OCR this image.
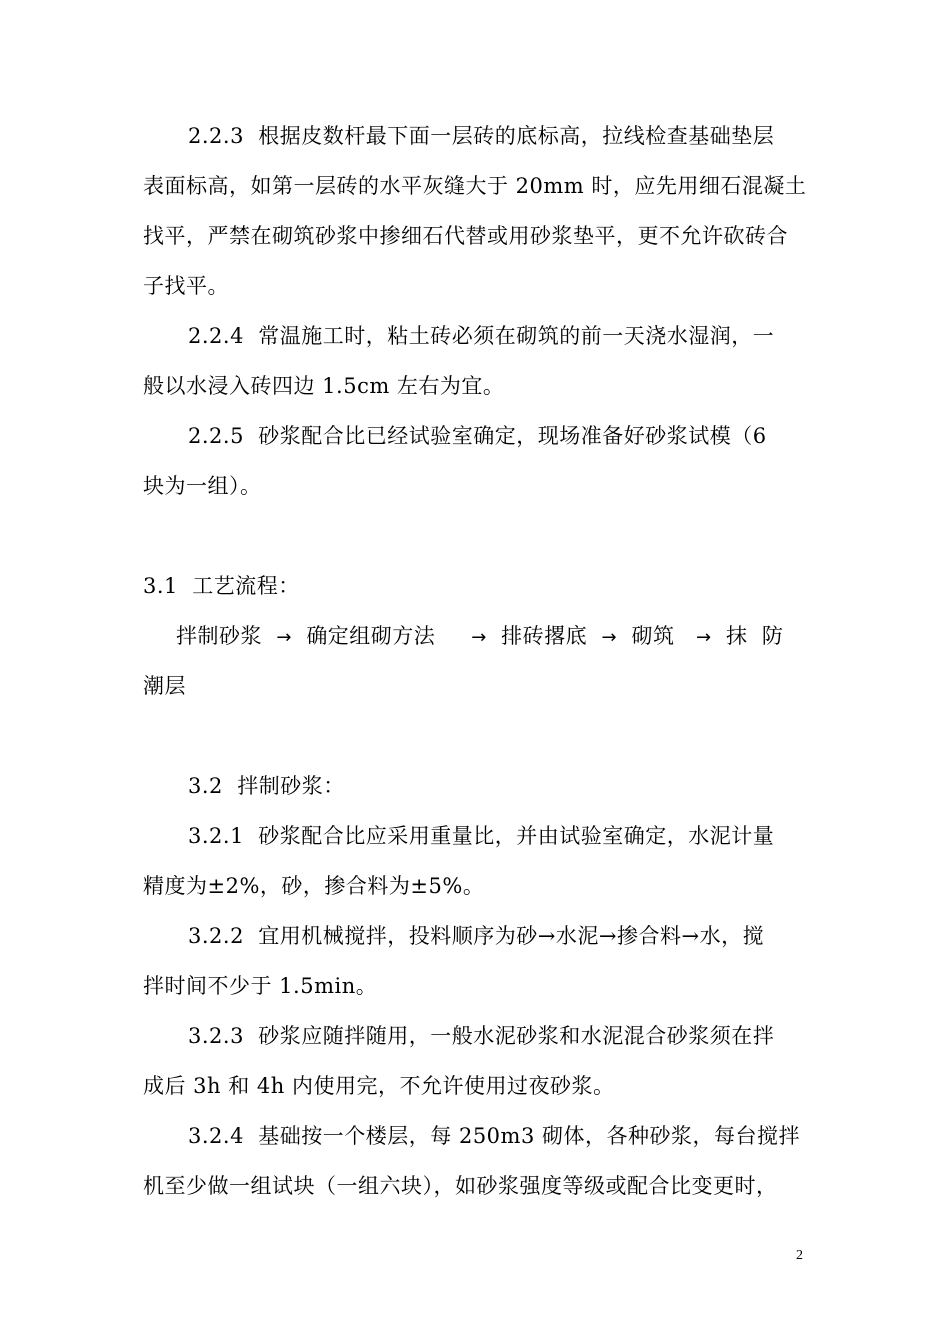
2.2.3  根据皮数杆最下面一层砖的底标高，拉线检查基础垫层
表面标高，如第一层砖的水平灰缝大于 20mm 时，应先用细石混凝土
找平，严禁在砌筑砂浆中掺细石代替或用砂浆垫平，更不允许砍砖合
子找平。
2.2.4  常温施工时，粘土砖必须在砌筑的前一天浇水湿润，一
般以水浸入砖四边 1.5cm 左右为宜。
2.2.5  砂浆配合比已经试验室确定，现场准备好砂浆试模（6
块为一组）。
3.1  工艺流程：
拌制砂浆 → 确定组砌方法 → 排砖撂底 → 砌筑 → 抹 防
潮层
3.2  拌制砂浆：
3.2.1  砂浆配合比应采用重量比，并由试验室确定，水泥计量
精度为±2%，砂，掺合料为±5%。
3.2.2  宜用机械搅拌，投料顺序为砂→水泥→掺合料→水，搅
拌时间不少于 1.5min。
3.2.3  砂浆应随拌随用，一般水泥砂浆和水泥混合砂浆须在拌
成后 3h 和 4h 内使用完，不允许使用过夜砂浆。
3.2.4  基础按一个楼层，每 250m3 砌体，各种砂浆，每台搅拌
机至少做一组试块（一组六块），如砂浆强度等级或配合比变更时，
2
